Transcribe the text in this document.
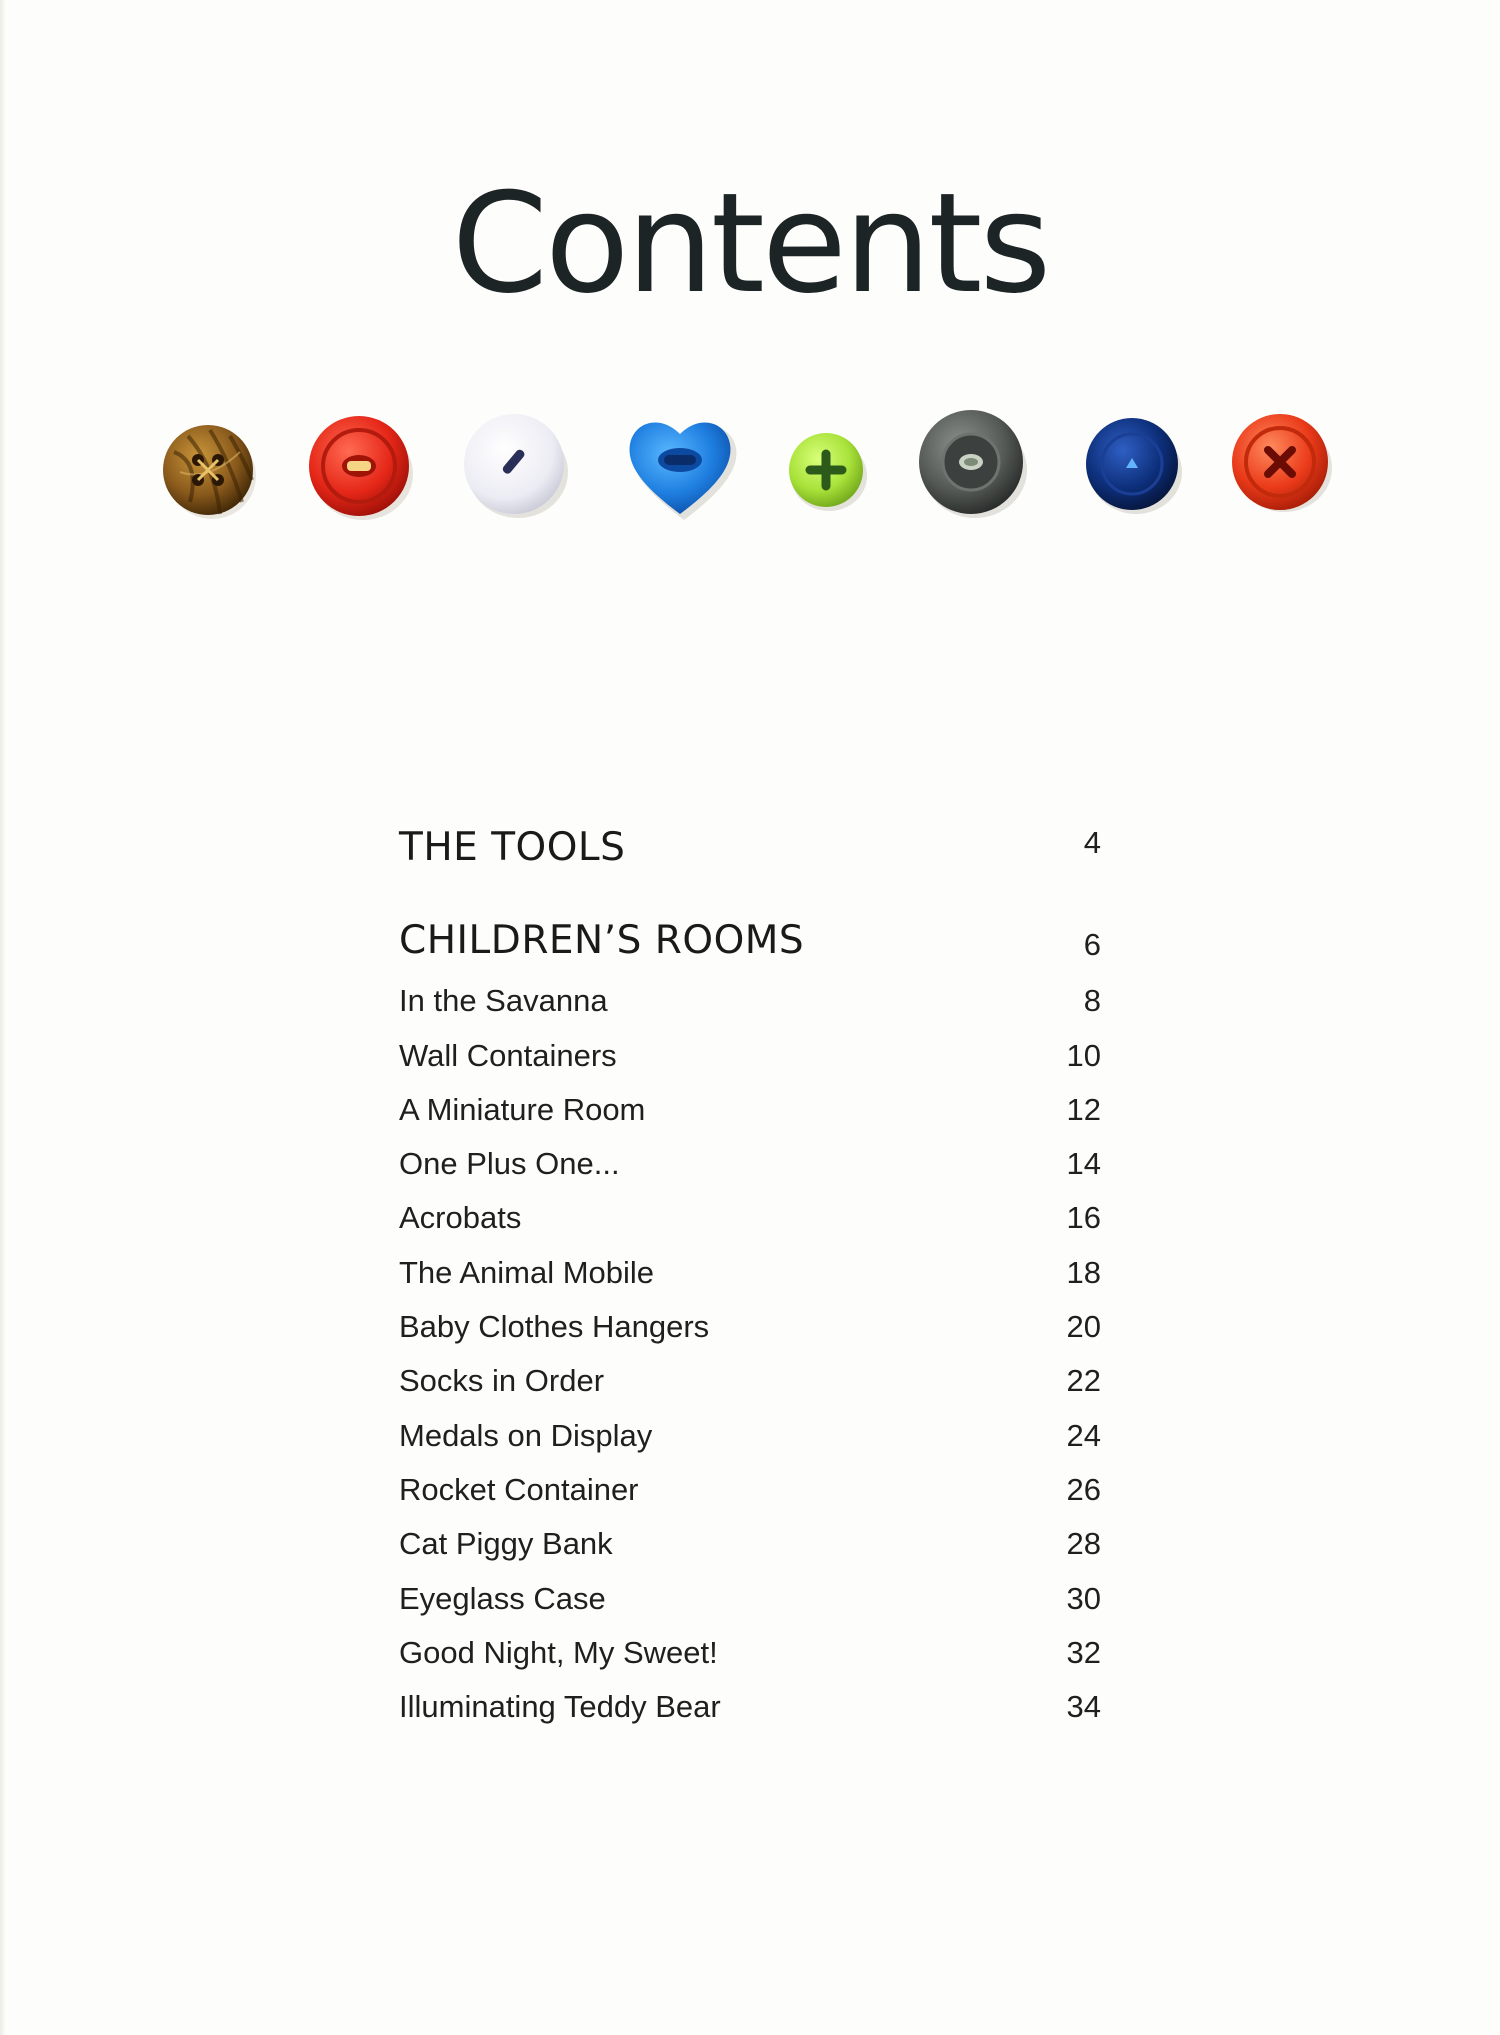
Contents
THE TOOLS	4
CHILDREN’S ROOMS	6
In the Savanna	8
Wall Containers	10
A Miniature Room	12
One Plus One...	14
Acrobats	16
The Animal Mobile	18
Baby Clothes Hangers	20
Socks in Order	22
Medals on Display	24
Rocket Container	26
Cat Piggy Bank	28
Eyeglass Case	30
Good Night, My Sweet!	32
Illuminating Teddy Bear	34
